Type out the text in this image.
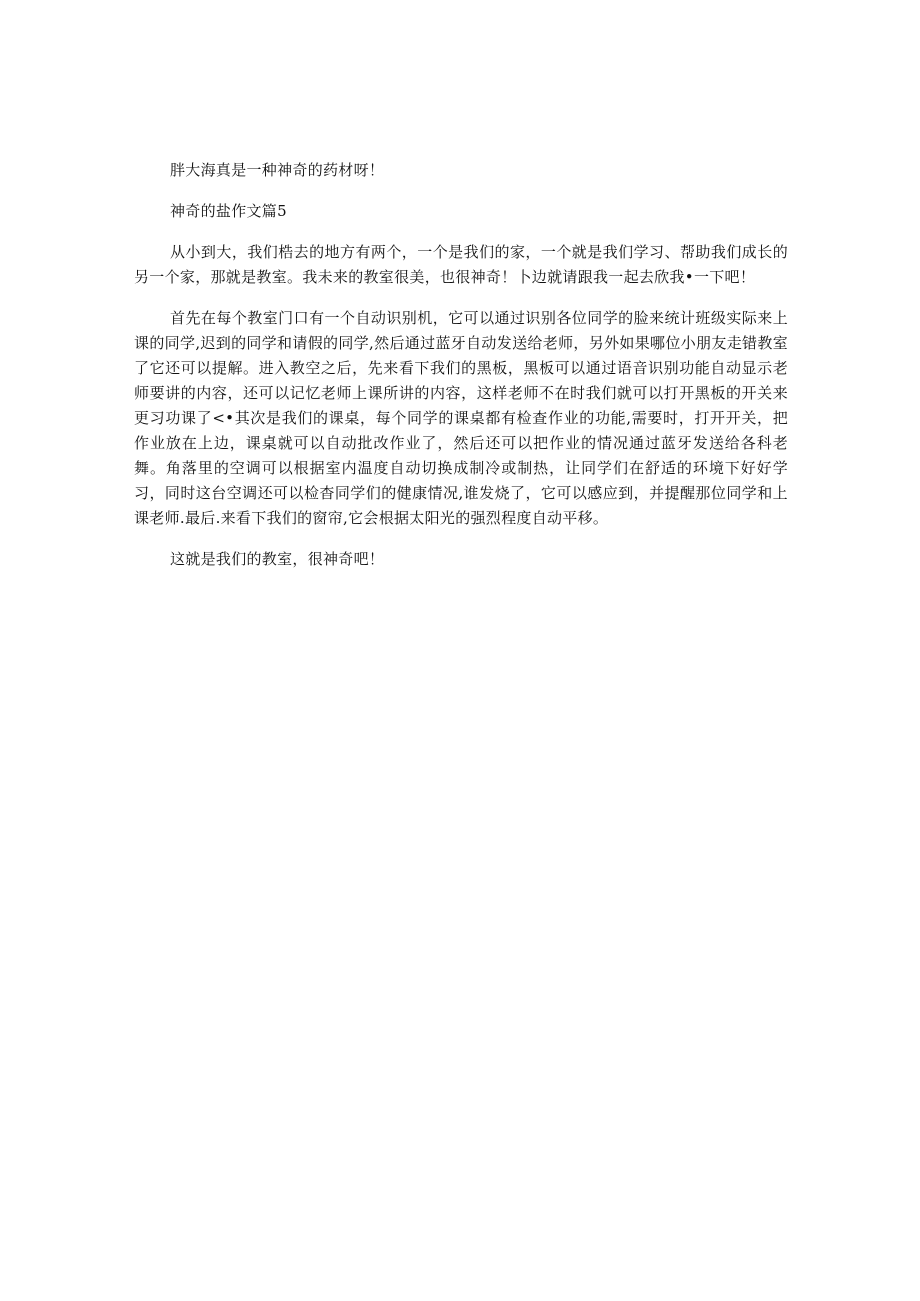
胖大海真是一种神奇的药材呀！

神奇的盐作文篇5

从小到大，我们梏去的地方有两个，一个是我们的家，一个就是我们学习、帮助我们成长的另一个家，那就是教室。我未来的教室很美，也很神奇！卜边就请跟我一起去欣我•一下吧！

首先在每个教室门口有一个自动识别机，它可以通过识别各位同学的脸来统计班级实际来上课的同学,迟到的同学和请假的同学,然后通过蓝牙自动发送给老师，另外如果哪位小朋友走错教室了它还可以提解。进入教空之后，先来看下我们的黑板，黑板可以通过语音识别功能自动显示老师要讲的内容，还可以记忆老师上课所讲的内容，这样老师不在时我们就可以打开黑板的开关来更习功课了<•其次是我们的课桌，每个同学的课桌都有检查作业的功能,需要时，打开开关，把作业放在上边，课桌就可以自动批改作业了，然后还可以把作业的情况通过蓝牙发送给各科老舞。角落里的空调可以根据室内温度自动切换成制冷或制热，让同学们在舒适的环境下好好学习，同时这台空调还可以检杳同学们的健康情况,谁发烧了，它可以感应到，并提醒那位同学和上课老师.最后.来看下我们的窗帘,它会根据太阳光的强烈程度自动平移。

这就是我们的教室，很神奇吧！
